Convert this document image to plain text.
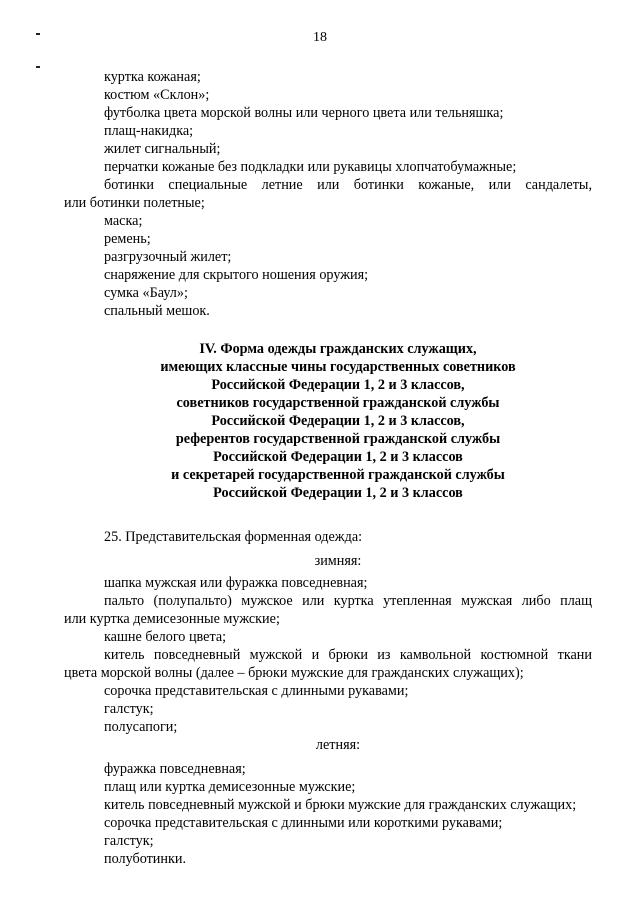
18
куртка кожаная;
костюм «Склон»;
футболка цвета морской волны или черного цвета или тельняшка;
плащ-накидка;
жилет сигнальный;
перчатки кожаные без подкладки или рукавицы хлопчатобумажные;
ботинки специальные летние или ботинки кожаные, или сандалеты,
или ботинки полетные;
маска;
ремень;
разгрузочный жилет;
снаряжение для скрытого ношения оружия;
сумка «Баул»;
спальный мешок.
IV. Форма одежды гражданских служащих,
имеющих классные чины государственных советников
Российской Федерации 1, 2 и 3 классов,
советников государственной гражданской службы
Российской Федерации 1, 2 и 3 классов,
референтов государственной гражданской службы
Российской Федерации 1, 2 и 3 классов
и секретарей государственной гражданской службы
Российской Федерации 1, 2 и 3 классов
25. Представительская форменная одежда:
зимняя:
шапка мужская или фуражка повседневная;
пальто (полупальто) мужское или куртка утепленная мужская либо плащ
или куртка демисезонные мужские;
кашне белого цвета;
китель повседневный мужской и брюки из камвольной костюмной ткани
цвета морской волны (далее – брюки мужские для гражданских служащих);
сорочка представительская с длинными рукавами;
галстук;
полусапоги;
летняя:
фуражка повседневная;
плащ или куртка демисезонные мужские;
китель повседневный мужской и брюки мужские для гражданских служащих;
сорочка представительская с длинными или короткими рукавами;
галстук;
полуботинки.
